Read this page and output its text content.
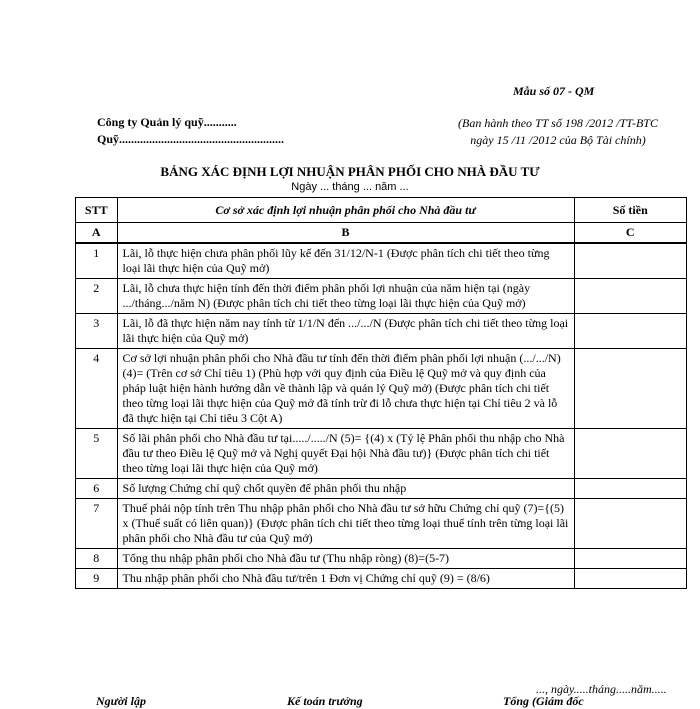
Mẫu số 07 - QM
Công ty Quản lý quỹ...........
Quỹ.......................................................
(Ban hành theo TT số 198 /2012 /TT-BTC
ngày 15 /11 /2012 của Bộ Tài chính)
BẢNG XÁC ĐỊNH LỢI NHUẬN PHÂN PHỐI CHO NHÀ ĐẦU TƯ
Ngày ... tháng ... năm ...
STT	Cơ sở xác định lợi nhuận phân phối cho Nhà đầu tư	Số tiền
A	B	C
1	Lãi, lỗ thực hiện chưa phân phối lũy kế đến 31/12/N-1 (Được phân tích chi tiết theo từng loại lãi thực hiện của Quỹ mở)	
2	Lãi, lỗ chưa thực hiện tính đến thời điểm phân phối lợi nhuận của năm hiện tại (ngày .../tháng.../năm N) (Được phân tích chi tiết theo từng loại lãi thực hiện của Quỹ mở)	
3	Lãi, lỗ đã thực hiện năm nay tính từ 1/1/N đến .../.../N (Được phân tích chi tiết theo từng loại lãi thực hiện của Quỹ mở)	
4	Cơ sở lợi nhuận phân phối cho Nhà đầu tư tính đến thời điểm phân phối lợi nhuận (.../.../N) (4)= (Trên cơ sở Chỉ tiêu 1) (Phù hợp với quy định của Điều lệ Quỹ mở và quy định của pháp luật hiện hành hướng dẫn về thành lập và quản lý Quỹ mở) (Được phân tích chi tiết theo từng loại lãi thực hiện của Quỹ mở đã tính trừ đi lỗ chưa thực hiện tại Chỉ tiêu 2 và lỗ đã thực hiện tại Chỉ tiêu 3 Cột A)	
5	Số lãi phân phối cho Nhà đầu tư tại...../...../N (5)= {(4) x (Tỷ lệ Phân phối thu nhập cho Nhà đầu tư theo Điều lệ Quỹ mở và Nghị quyết Đại hội Nhà đầu tư)} (Được phân tích chi tiết theo từng loại lãi thực hiện của Quỹ mở)	
6	Số lượng Chứng chỉ quỹ chốt quyền để phân phối thu nhập	
7	Thuế phải nộp tính trên Thu nhập phân phối cho Nhà đầu tư sở hữu Chứng chỉ quỹ (7)={(5) x (Thuế suất có liên quan)} (Được phân tích chi tiết theo từng loại thuế tính trên từng loại lãi phân phối cho Nhà đầu tư của Quỹ mở)	
8	Tổng thu nhập phân phối cho Nhà đầu tư (Thu nhập ròng) (8)=(5-7)	
9	Thu nhập phân phối cho Nhà đầu tư/trên 1 Đơn vị Chứng chỉ quỹ (9) = (8/6)	
..., ngày.....tháng.....năm.....
Người lập	Kế toán trưởng	Tổng (Giám đốc
